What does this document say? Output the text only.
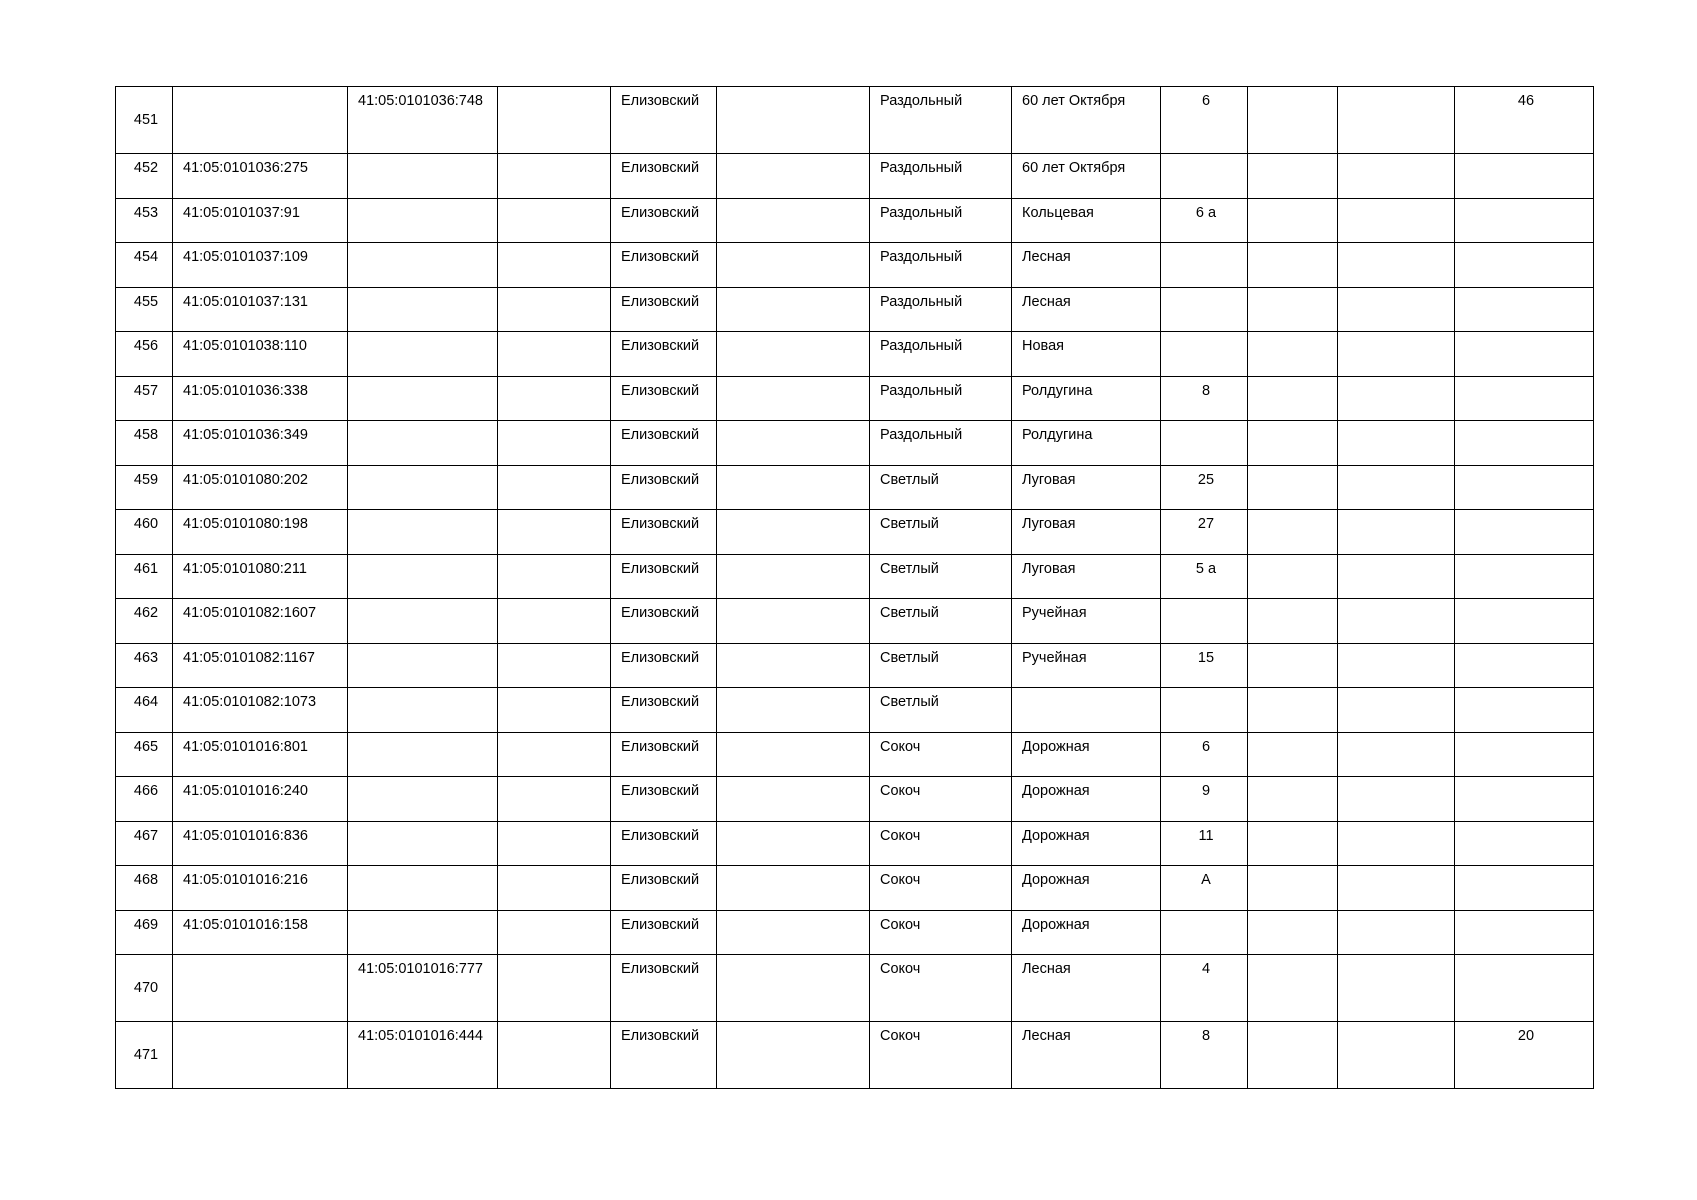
451		41:05:0101036:748		Елизовский		Раздольный	60 лет Октября	6			46
452	41:05:0101036:275			Елизовский		Раздольный	60 лет Октября				
453	41:05:0101037:91			Елизовский		Раздольный	Кольцевая	6 а			
454	41:05:0101037:109			Елизовский		Раздольный	Лесная				
455	41:05:0101037:131			Елизовский		Раздольный	Лесная				
456	41:05:0101038:110			Елизовский		Раздольный	Новая				
457	41:05:0101036:338			Елизовский		Раздольный	Ролдугина	8			
458	41:05:0101036:349			Елизовский		Раздольный	Ролдугина				
459	41:05:0101080:202			Елизовский		Светлый	Луговая	25			
460	41:05:0101080:198			Елизовский		Светлый	Луговая	27			
461	41:05:0101080:211			Елизовский		Светлый	Луговая	5 а			
462	41:05:0101082:1607			Елизовский		Светлый	Ручейная				
463	41:05:0101082:1167			Елизовский		Светлый	Ручейная	15			
464	41:05:0101082:1073			Елизовский		Светлый					
465	41:05:0101016:801			Елизовский		Сокоч	Дорожная	6			
466	41:05:0101016:240			Елизовский		Сокоч	Дорожная	9			
467	41:05:0101016:836			Елизовский		Сокоч	Дорожная	11			
468	41:05:0101016:216			Елизовский		Сокоч	Дорожная	А			
469	41:05:0101016:158			Елизовский		Сокоч	Дорожная				
470		41:05:0101016:777		Елизовский		Сокоч	Лесная	4			
471		41:05:0101016:444		Елизовский		Сокоч	Лесная	8			20
